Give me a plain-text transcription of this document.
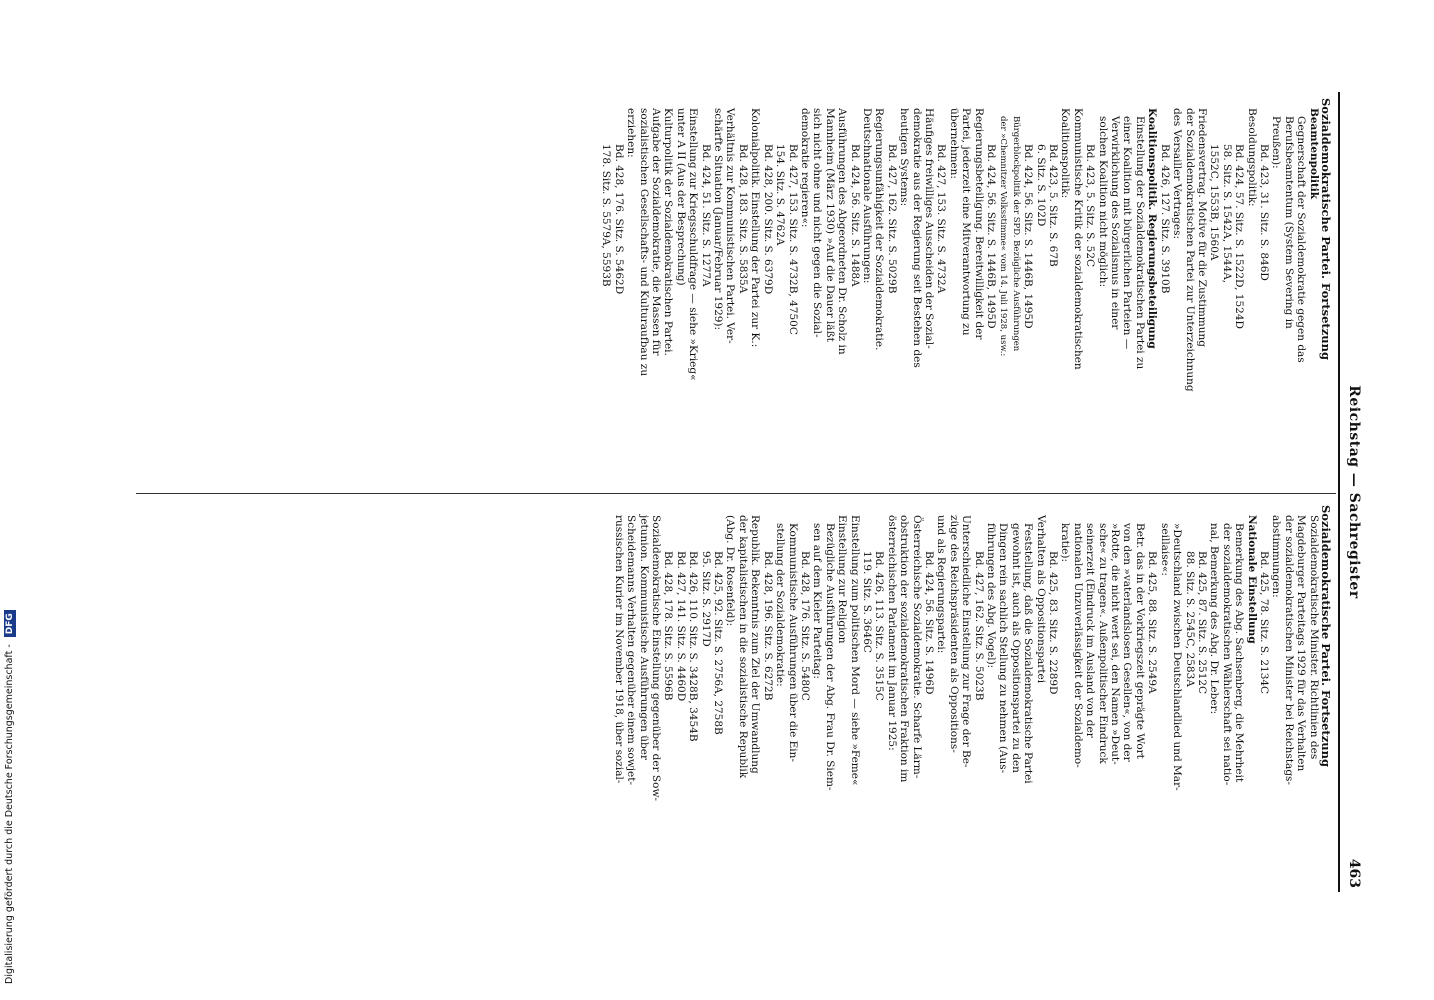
Reichstag — Sachregister
463
Sozialdemokratische Partei. Fortsetzung
Beamtenpolitik
Gegnerschaft der Sozialdemokratie gegen das
Berufsbeamtentum (System Severing in
Preußen):
Bd. 423, 31. Sitz. S. 846D
Besoldungspolitik:
Bd. 424, 57. Sitz. S. 1522D, 1524D
58. Sitz. S. 1542A, 1544A,
1552C, 1553B, 1560A
Friedensvertrag. Motive für die Zustimmung
der Sozialdemokratischen Partei zur Unterzeichnung
des Versailler Vertrages:
Bd. 426, 127. Sitz. S. 3910B
Koalitionspolitik. Regierungsbeteiligung
Einstellung der Sozialdemokratischen Partei zu
einer Koalition mit bürgerlichen Parteien —
Verwirklichung des Sozialismus in einer
solchen Koalition nicht möglich:
Bd. 423, 5. Sitz. S. 52C
Kommunistische Kritik der sozialdemokratischen
Koalitionspolitik:
Bd. 423, 5. Sitz. S. 67B
6. Sitz. S. 102D
Bd. 424, 56. Sitz. S. 1446B, 1495D
Bürgerblockpolitik der SPD. Bezügliche Ausführungen
der »Chemnitzer Volksstimme« vom 14. Juli 1928, usw.:
Bd. 424, 56. Sitz. S. 1446B, 1495D
Regierungsbeteiligung. Bereitwilligkeit der
Partei, jederzeit eine Mitverantwortung zu
übernehmen:
Bd. 427, 153. Sitz. S. 4732A
Häufiges freiwilliges Ausscheiden der Sozial-
demokratie aus der Regierung seit Bestehen des
heutigen Systems:
Bd. 427, 162. Sitz. S. 5029B
Regierungsunfähigkeit der Sozialdemokratie.
Deutschnationale Ausführungen:
Bd. 424, 56. Sitz. S. 1488A
Ausführungen des Abgeordneten Dr. Scholz in
Mannheim (März 1930) »Auf die Dauer läßt
sich nicht ohne und nicht gegen die Sozial-
demokratie regieren«:
Bd. 427, 153. Sitz. S. 4732B, 4750C
154. Sitz. S. 4762A
Bd. 428, 200. Sitz. S. 6379D
Kolonialpolitik. Einstellung der Partei zur K.:
Bd. 428, 183. Sitz. S. 5835A
Verhältnis zur Kommunistischen Partei. Ver-
schärfte Situation (Januar/Februar 1929):
Bd. 424, 51. Sitz. S. 1277A
Einstellung zur Kriegsschuldfrage — siehe »Krieg«
unter A II (Aus der Besprechung)
Kulturpolitik der Sozialdemokratischen Partei.
Aufgabe der Sozialdemokratie, die Massen für
sozialistischen Gesellschafts- und Kulturaufbau zu
erziehen:
Bd. 428, 176. Sitz. S. 5462D
178. Sitz. S. 5579A, 5593B
Sozialdemokratische Partei. Fortsetzung
Sozialdemokratische Minister. Richtlinien des
Magdeburger Parteitags 1929 für das Verhalten
der sozialdemokratischen Minister bei Reichstags-
abstimmungen:
Bd. 425, 78. Sitz. S. 2134C
Nationale Einstellung
Bemerkung des Abg. Sachsenberg, die Mehrheit
der sozialdemokratischen Wählerschaft sei natio-
nal, Bemerkung des Abg. Dr. Leber:
Bd. 425, 87. Sitz. S. 2512C
88. Sitz. S. 2545C, 2583A
»Deutschland zwischen Deutschlandlied und Mar-
seillaise«:
Bd. 425, 88. Sitz. S. 2549A
Betr. das in der Vorkriegszeit geprägte Wort
von den »vaterlandslosen Gesellen«, von der
»Rotte, die nicht wert sei, den Namen »Deut-
sche« zu tragen«. Außenpolitischer Eindruck
seinerzeit (Eindruck im Ausland von der
nationalen Unzuverlässigkeit der Sozialdemo-
kratie):
Bd. 425, 83. Sitz. S. 2289D
Verhalten als Oppositionspartei
Feststellung, daß die Sozialdemokratische Partei
gewohnt ist, auch als Oppositionspartei zu den
Dingen rein sachlich Stellung zu nehmen (Aus-
führungen des Abg. Vogel):
Bd. 427, 162. Sitz. S. 5023B
Unterschiedliche Einstellung zur Frage der Be-
züge des Reichspräsidenten als Oppositions-
und als Regierungspartei:
Bd. 424, 56. Sitz. S. 1496D
Österreichische Sozialdemokratie. Scharfe Lärm-
obstruktion der sozialdemokratischen Fraktion im
österreichischen Parlament im Januar 1925:
Bd. 426, 113. Sitz. S. 3515C
119. Sitz. S. 3646C
Einstellung zum politischen Mord — siehe »Feme«
Einstellung zur Religion
Bezügliche Ausführungen der Abg. Frau Dr. Siem-
sen auf dem Kieler Parteitag:
Bd. 428, 176. Sitz. S. 5480C
Kommunistische Ausführungen über die Ein-
stellung der Sozialdemokratie:
Bd. 428, 196. Sitz. S. 6272B
Republik. Bekenntnis zum Ziel der Umwandlung
der kapitalistischen in die sozialistische Republik
(Abg. Dr. Rosenfeld):
Bd. 425, 92. Sitz. S. 2756A, 2758B
95. Sitz. S. 2917D
Bd. 426, 110. Sitz. S. 3428B, 3454B
Bd. 427, 141. Sitz. S. 4460D
Bd. 428, 178. Sitz. S. 5596B
Sozialdemokratische Einstellung gegenüber der Sow-
jetunion. Kommunistische Ausführungen über
Scheidemanns Verhalten gegenüber einem sowjet-
russischen Kurier im November 1918, über sozial-
Digitalisierung gefördert durch die Deutsche Forschungsgemeinschaft - DFG
